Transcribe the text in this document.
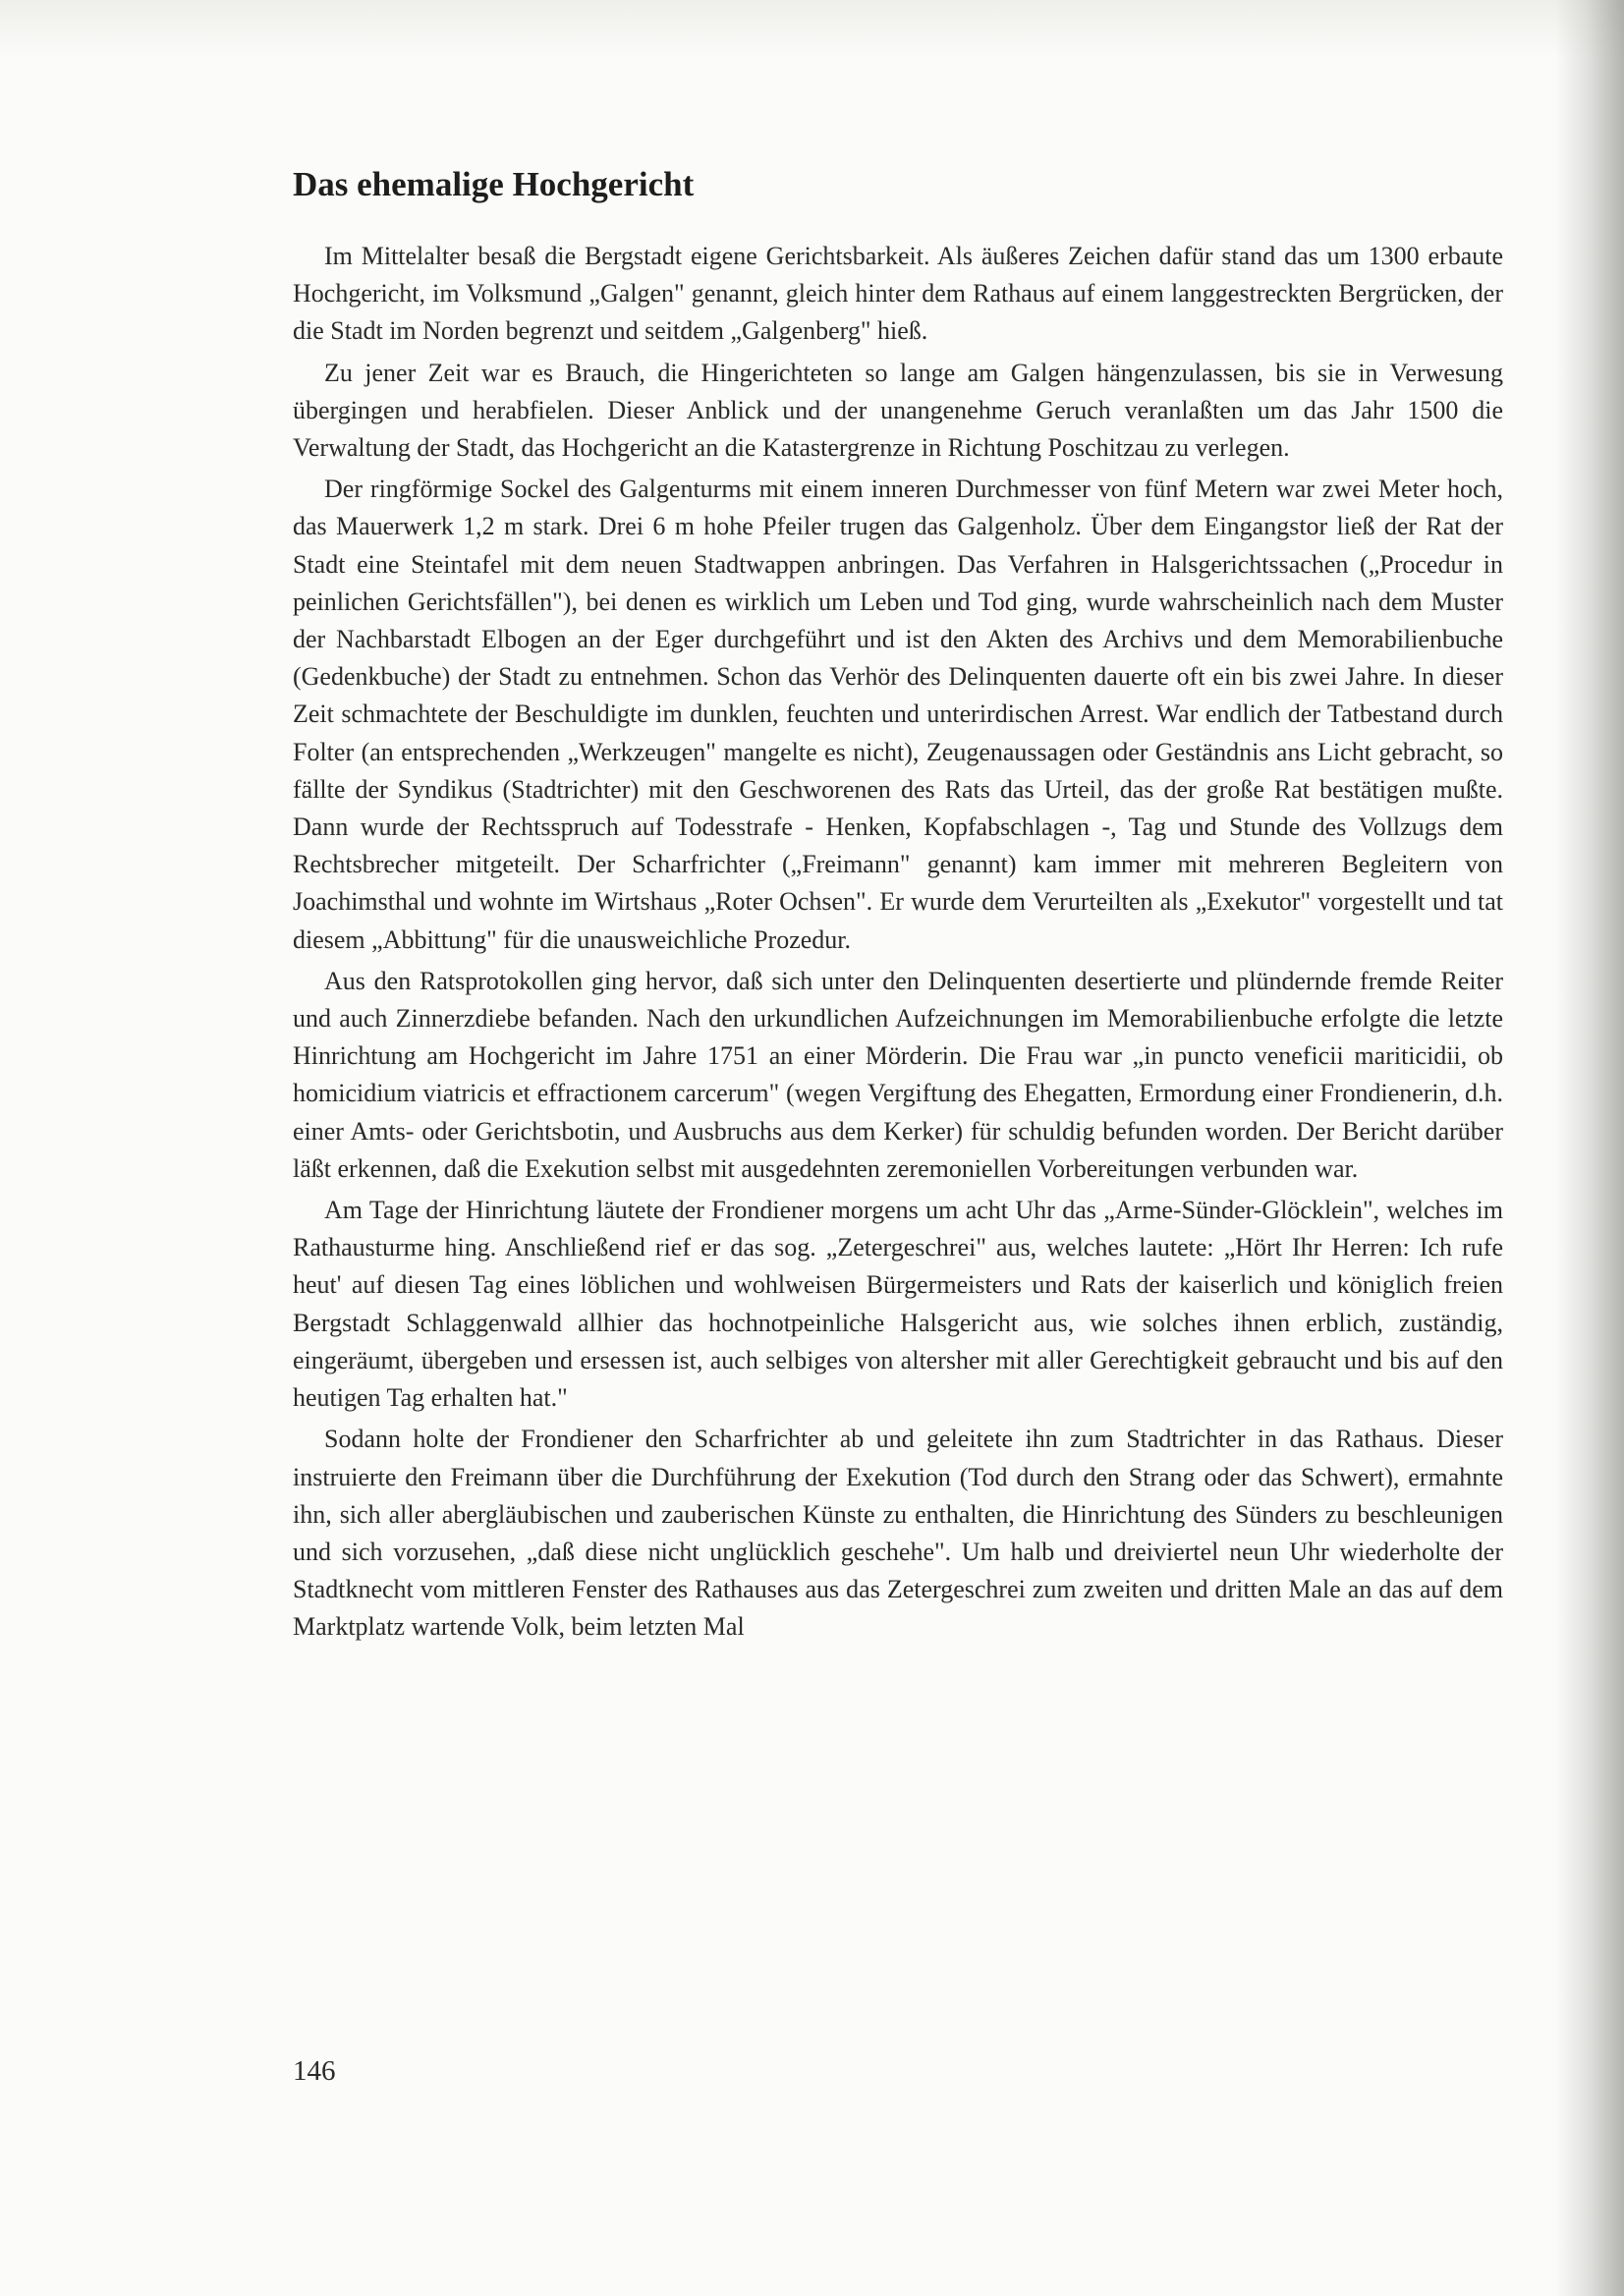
Das ehemalige Hochgericht

Im Mittelalter besaß die Bergstadt eigene Gerichtsbarkeit. Als äußeres Zeichen dafür stand das um 1300 erbaute Hochgericht, im Volksmund „Galgen" genannt, gleich hinter dem Rathaus auf einem langgestreckten Bergrücken, der die Stadt im Norden begrenzt und seitdem „Galgenberg" hieß.

Zu jener Zeit war es Brauch, die Hingerichteten so lange am Galgen hängenzulassen, bis sie in Verwesung übergingen und herabfielen. Dieser Anblick und der unangenehme Geruch veranlaßten um das Jahr 1500 die Verwaltung der Stadt, das Hochgericht an die Katastergrenze in Richtung Poschitzau zu verlegen.

Der ringförmige Sockel des Galgenturms mit einem inneren Durchmesser von fünf Metern war zwei Meter hoch, das Mauerwerk 1,2 m stark. Drei 6 m hohe Pfeiler trugen das Galgenholz. Über dem Eingangstor ließ der Rat der Stadt eine Steintafel mit dem neuen Stadtwappen anbringen. Das Verfahren in Halsgerichtssachen („Procedur in peinlichen Gerichtsfällen"), bei denen es wirklich um Leben und Tod ging, wurde wahrscheinlich nach dem Muster der Nachbarstadt Elbogen an der Eger durchgeführt und ist den Akten des Archivs und dem Memorabilienbuche (Gedenkbuche) der Stadt zu entnehmen. Schon das Verhör des Delinquenten dauerte oft ein bis zwei Jahre. In dieser Zeit schmachtete der Beschuldigte im dunklen, feuchten und unterirdischen Arrest. War endlich der Tatbestand durch Folter (an entsprechenden „Werkzeugen" mangelte es nicht), Zeugenaussagen oder Geständnis ans Licht gebracht, so fällte der Syndikus (Stadtrichter) mit den Geschworenen des Rats das Urteil, das der große Rat bestätigen mußte. Dann wurde der Rechtsspruch auf Todesstrafe - Henken, Kopfabschlagen -, Tag und Stunde des Vollzugs dem Rechtsbrecher mitgeteilt. Der Scharfrichter („Freimann" genannt) kam immer mit mehreren Begleitern von Joachimsthal und wohnte im Wirtshaus „Roter Ochsen". Er wurde dem Verurteilten als „Exekutor" vorgestellt und tat diesem „Abbittung" für die unausweichliche Prozedur.

Aus den Ratsprotokollen ging hervor, daß sich unter den Delinquenten desertierte und plündernde fremde Reiter und auch Zinnerzdiebe befanden. Nach den urkundlichen Aufzeichnungen im Memorabilienbuche erfolgte die letzte Hinrichtung am Hochgericht im Jahre 1751 an einer Mörderin. Die Frau war „in puncto veneficii mariticidii, ob homicidium viatricis et effractionem carcerum" (wegen Vergiftung des Ehegatten, Ermordung einer Frondienerin, d.h. einer Amts- oder Gerichtsbotin, und Ausbruchs aus dem Kerker) für schuldig befunden worden. Der Bericht darüber läßt erkennen, daß die Exekution selbst mit ausgedehnten zeremoniellen Vorbereitungen verbunden war.

Am Tage der Hinrichtung läutete der Frondiener morgens um acht Uhr das „Arme-Sünder-Glöcklein", welches im Rathausturme hing. Anschließend rief er das sog. „Zetergeschrei" aus, welches lautete: „Hört Ihr Herren: Ich rufe heut' auf diesen Tag eines löblichen und wohlweisen Bürgermeisters und Rats der kaiserlich und königlich freien Bergstadt Schlaggenwald allhier das hochnotpeinliche Halsgericht aus, wie solches ihnen erblich, zuständig, eingeräumt, übergeben und ersessen ist, auch selbiges von altersher mit aller Gerechtigkeit gebraucht und bis auf den heutigen Tag erhalten hat."

Sodann holte der Frondiener den Scharfrichter ab und geleitete ihn zum Stadtrichter in das Rathaus. Dieser instruierte den Freimann über die Durchführung der Exekution (Tod durch den Strang oder das Schwert), ermahnte ihn, sich aller abergläubischen und zauberischen Künste zu enthalten, die Hinrichtung des Sünders zu beschleunigen und sich vorzusehen, „daß diese nicht unglücklich geschehe". Um halb und dreiviertel neun Uhr wiederholte der Stadtknecht vom mittleren Fenster des Rathauses aus das Zetergeschrei zum zweiten und dritten Male an das auf dem Marktplatz wartende Volk, beim letzten Mal

146
